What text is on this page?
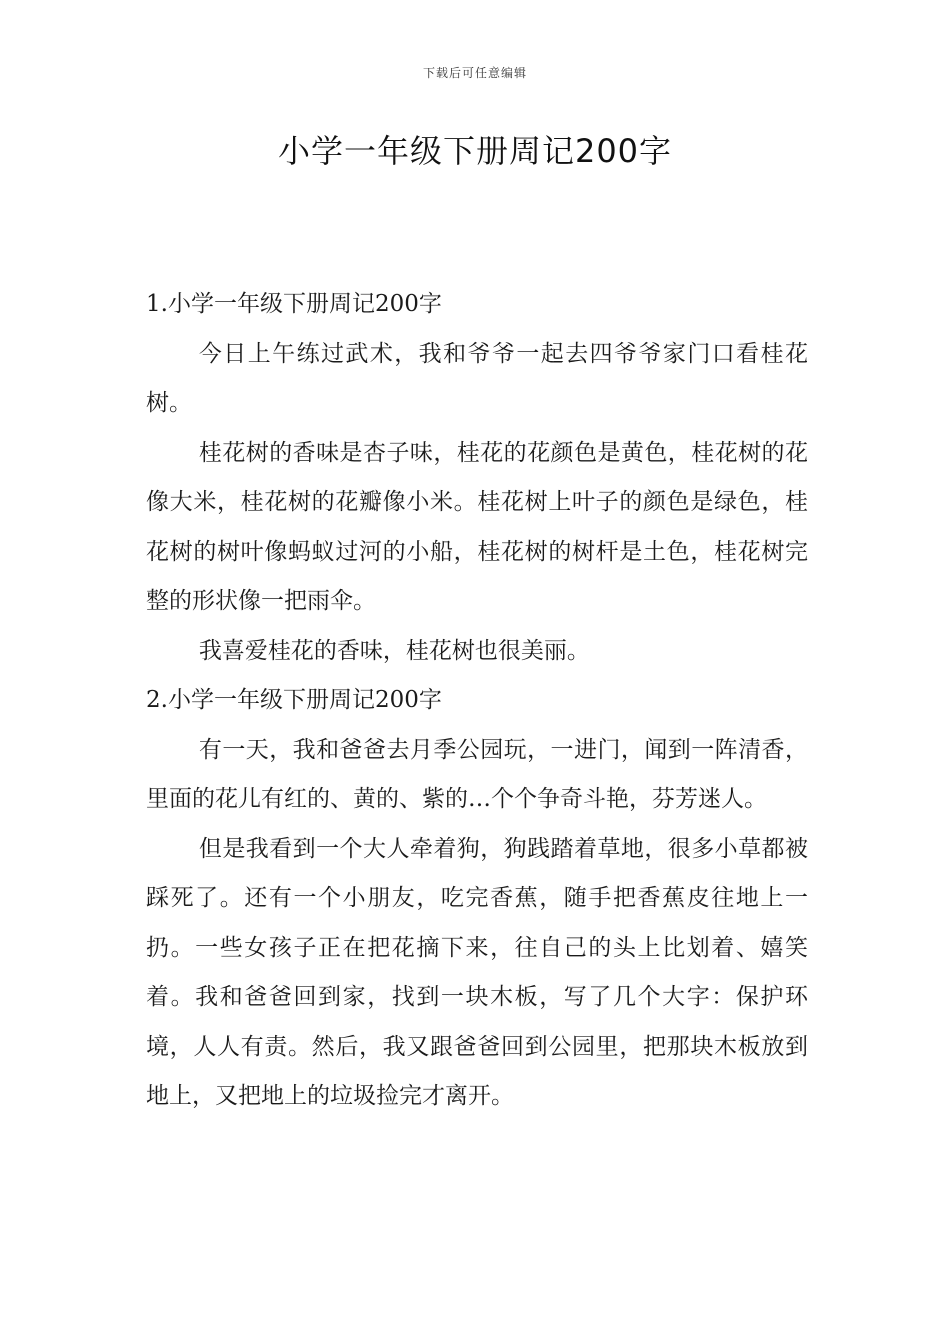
下载后可任意编辑
小学一年级下册周记200字

1.小学一年级下册周记200字

今日上午练过武术，我和爷爷一起去四爷爷家门口看桂花树。

桂花树的香味是杏子味，桂花的花颜色是黄色，桂花树的花像大米，桂花树的花瓣像小米。桂花树上叶子的颜色是绿色，桂花树的树叶像蚂蚁过河的小船，桂花树的树杆是土色，桂花树完整的形状像一把雨伞。

我喜爱桂花的香味，桂花树也很美丽。

2.小学一年级下册周记200字

有一天，我和爸爸去月季公园玩，一进门，闻到一阵清香，里面的花儿有红的、黄的、紫的…个个争奇斗艳，芬芳迷人。

但是我看到一个大人牵着狗，狗践踏着草地，很多小草都被踩死了。还有一个小朋友，吃完香蕉，随手把香蕉皮往地上一扔。一些女孩子正在把花摘下来，往自己的头上比划着、嬉笑着。我和爸爸回到家，找到一块木板，写了几个大字：保护环境，人人有责。然后，我又跟爸爸回到公园里，把那块木板放到地上，又把地上的垃圾捡完才离开。
